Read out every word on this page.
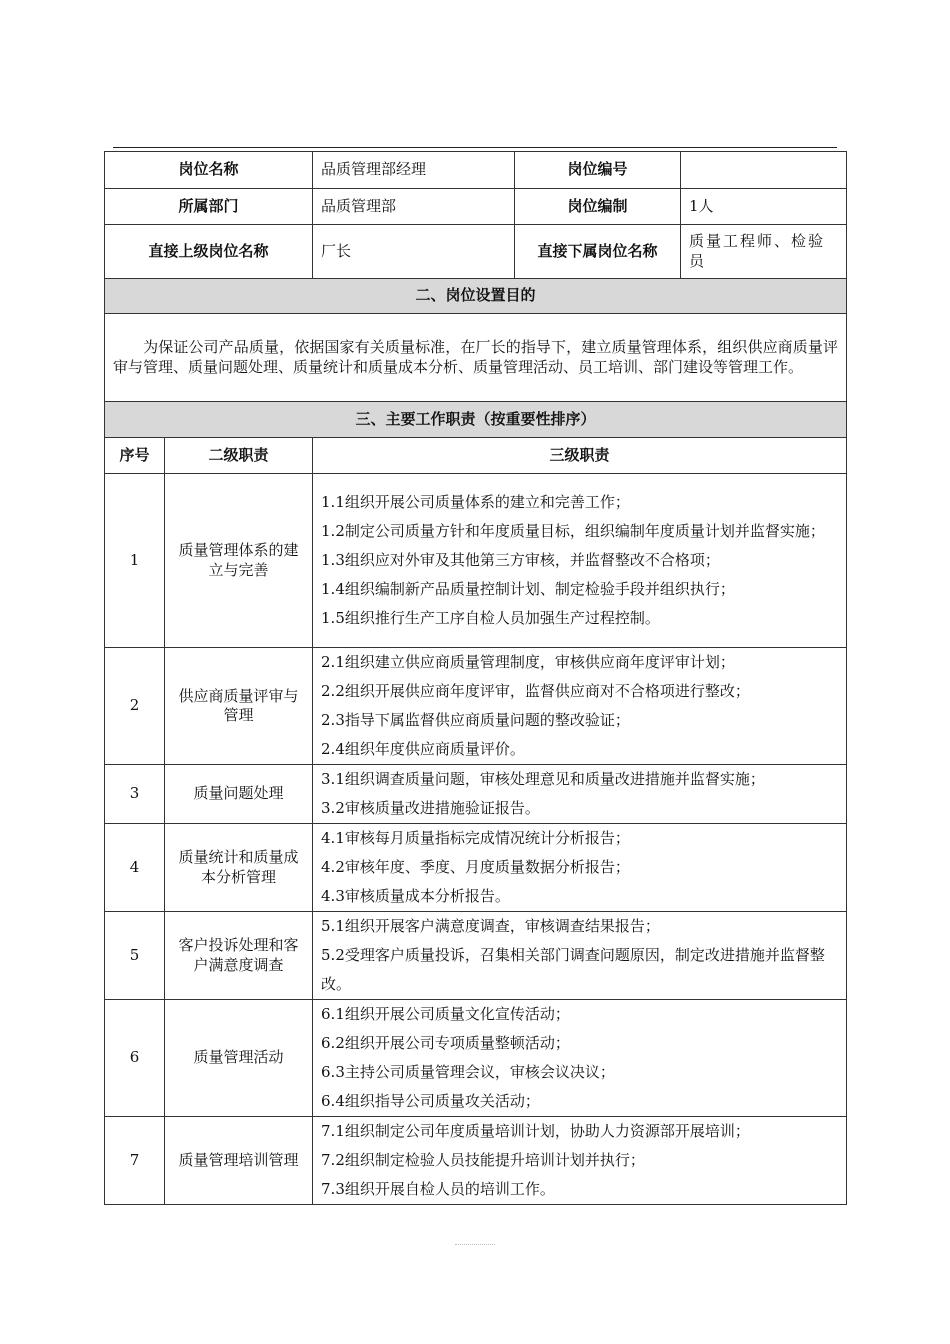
岗位名称		品质管理部经理	岗位编号	
所属部门		品质管理部	岗位编制	1人
直接上级岗位名称		厂长	直接下属岗位名称	质量工程师、检验员
二、岗位设置目的				
为保证公司产品质量，依据国家有关质量标准，在厂长的指导下，建立质量管理体系，组织供应商质量评审与管理、质量问题处理、质量统计和质量成本分析、质量管理活动、员工培训、部门建设等管理工作。				
三、主要工作职责（按重要性排序）				
序号	二级职责	三级职责		
1	质量管理体系的建立与完善	1.1组织开展公司质量体系的建立和完善工作；
1.2制定公司质量方针和年度质量目标，组织编制年度质量计划并监督实施；
1.3组织应对外审及其他第三方审核，并监督整改不合格项；
1.4组织编制新产品质量控制计划、制定检验手段并组织执行；
1.5组织推行生产工序自检人员加强生产过程控制。		

2	供应商质量评审与管理	2.1组织建立供应商质量管理制度，审核供应商年度评审计划；
2.2组织开展供应商年度评审，监督供应商对不合格项进行整改；
2.3指导下属监督供应商质量问题的整改验证；
2.4组织年度供应商质量评价。		

3	质量问题处理	3.1组织调查质量问题，审核处理意见和质量改进措施并监督实施；
3.2审核质量改进措施验证报告。		

4	质量统计和质量成本分析管理	4.1审核每月质量指标完成情况统计分析报告；
4.2审核年度、季度、月度质量数据分析报告；
4.3审核质量成本分析报告。		

5	客户投诉处理和客户满意度调查	5.1组织开展客户满意度调查，审核调查结果报告；
5.2受理客户质量投诉，召集相关部门调查问题原因，制定改进措施并监督整改。		

6	质量管理活动	6.1组织开展公司质量文化宣传活动；
6.2组织开展公司专项质量整顿活动；
6.3主持公司质量管理会议，审核会议决议；
6.4组织指导公司质量攻关活动；		

7	质量管理培训管理	7.1组织制定公司年度质量培训计划，协助人力资源部开展培训；
7.2组织制定检验人员技能提升培训计划并执行；
7.3组织开展自检人员的培训工作。		
